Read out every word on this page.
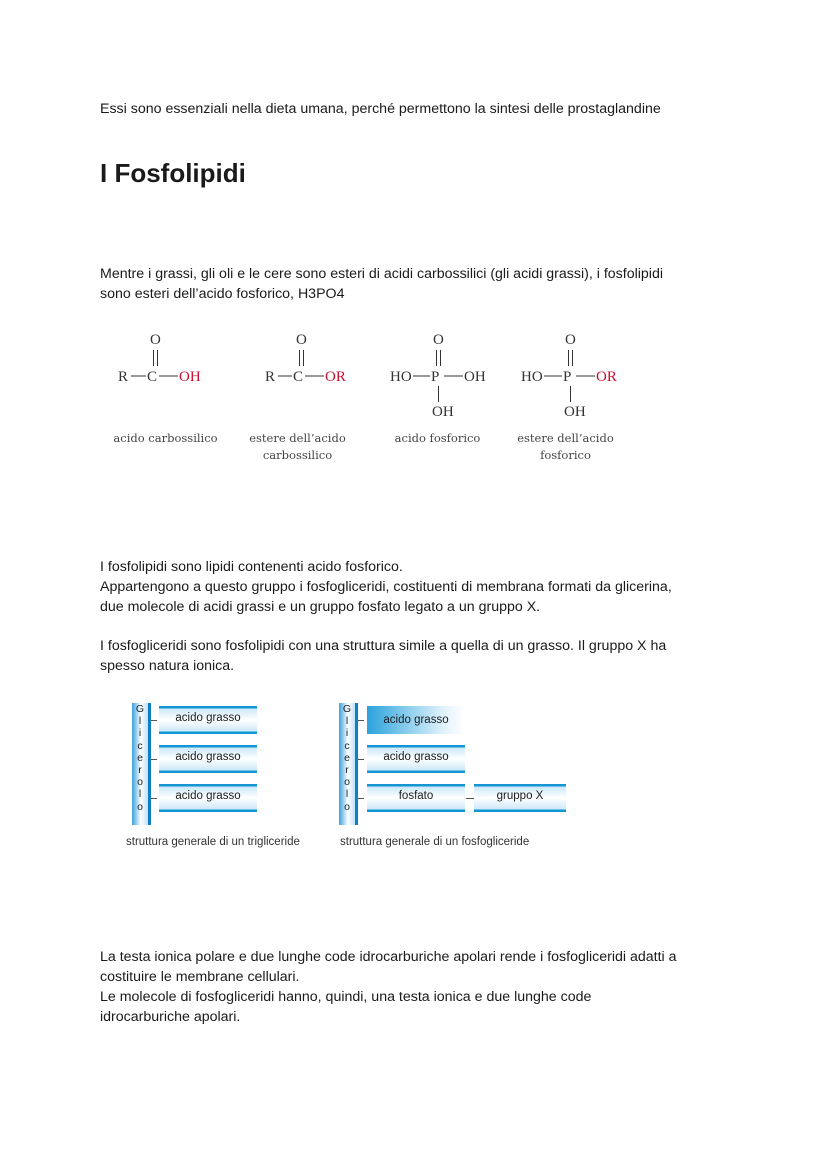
Essi sono essenziali nella dieta umana, perché permettono la sintesi delle prostaglandine

I Fosfolipidi

Mentre i grassi, gli oli e le cere sono esteri di acidi carbossilici (gli acidi grassi), i fosfolipidi
sono esteri dell’acido fosforico, H3PO4

O
R C OH
O
R C OR
O
HO P OH
OH
O
HO P OR
OH
acido carbossilico	estere dell’acido
carbossilico
acido fosforico	estere dell’acido
fosforico

I fosfolipidi sono lipidi contenenti acido fosforico.
Appartengono a questo gruppo i fosfogliceridi, costituenti di membrana formati da glicerina,
due molecole di acidi grassi e un gruppo fosfato legato a un gruppo X.

I fosfogliceridi sono fosfolipidi con una struttura simile a quella di un grasso. Il gruppo X ha
spesso natura ionica.

G
l
i
c
e
r
o
l
o
acido grasso
acido grasso
acido grasso
struttura generale di un trigliceride
G
l
i
c
e
r
o
l
o
acido grasso
acido grasso
fosfato	gruppo X
struttura generale di un fosfogliceride

La testa ionica polare e due lunghe code idrocarburiche apolari rende i fosfogliceridi adatti a
costituire le membrane cellulari.
Le molecole di fosfogliceridi hanno, quindi, una testa ionica e due lunghe code
idrocarburiche apolari.
